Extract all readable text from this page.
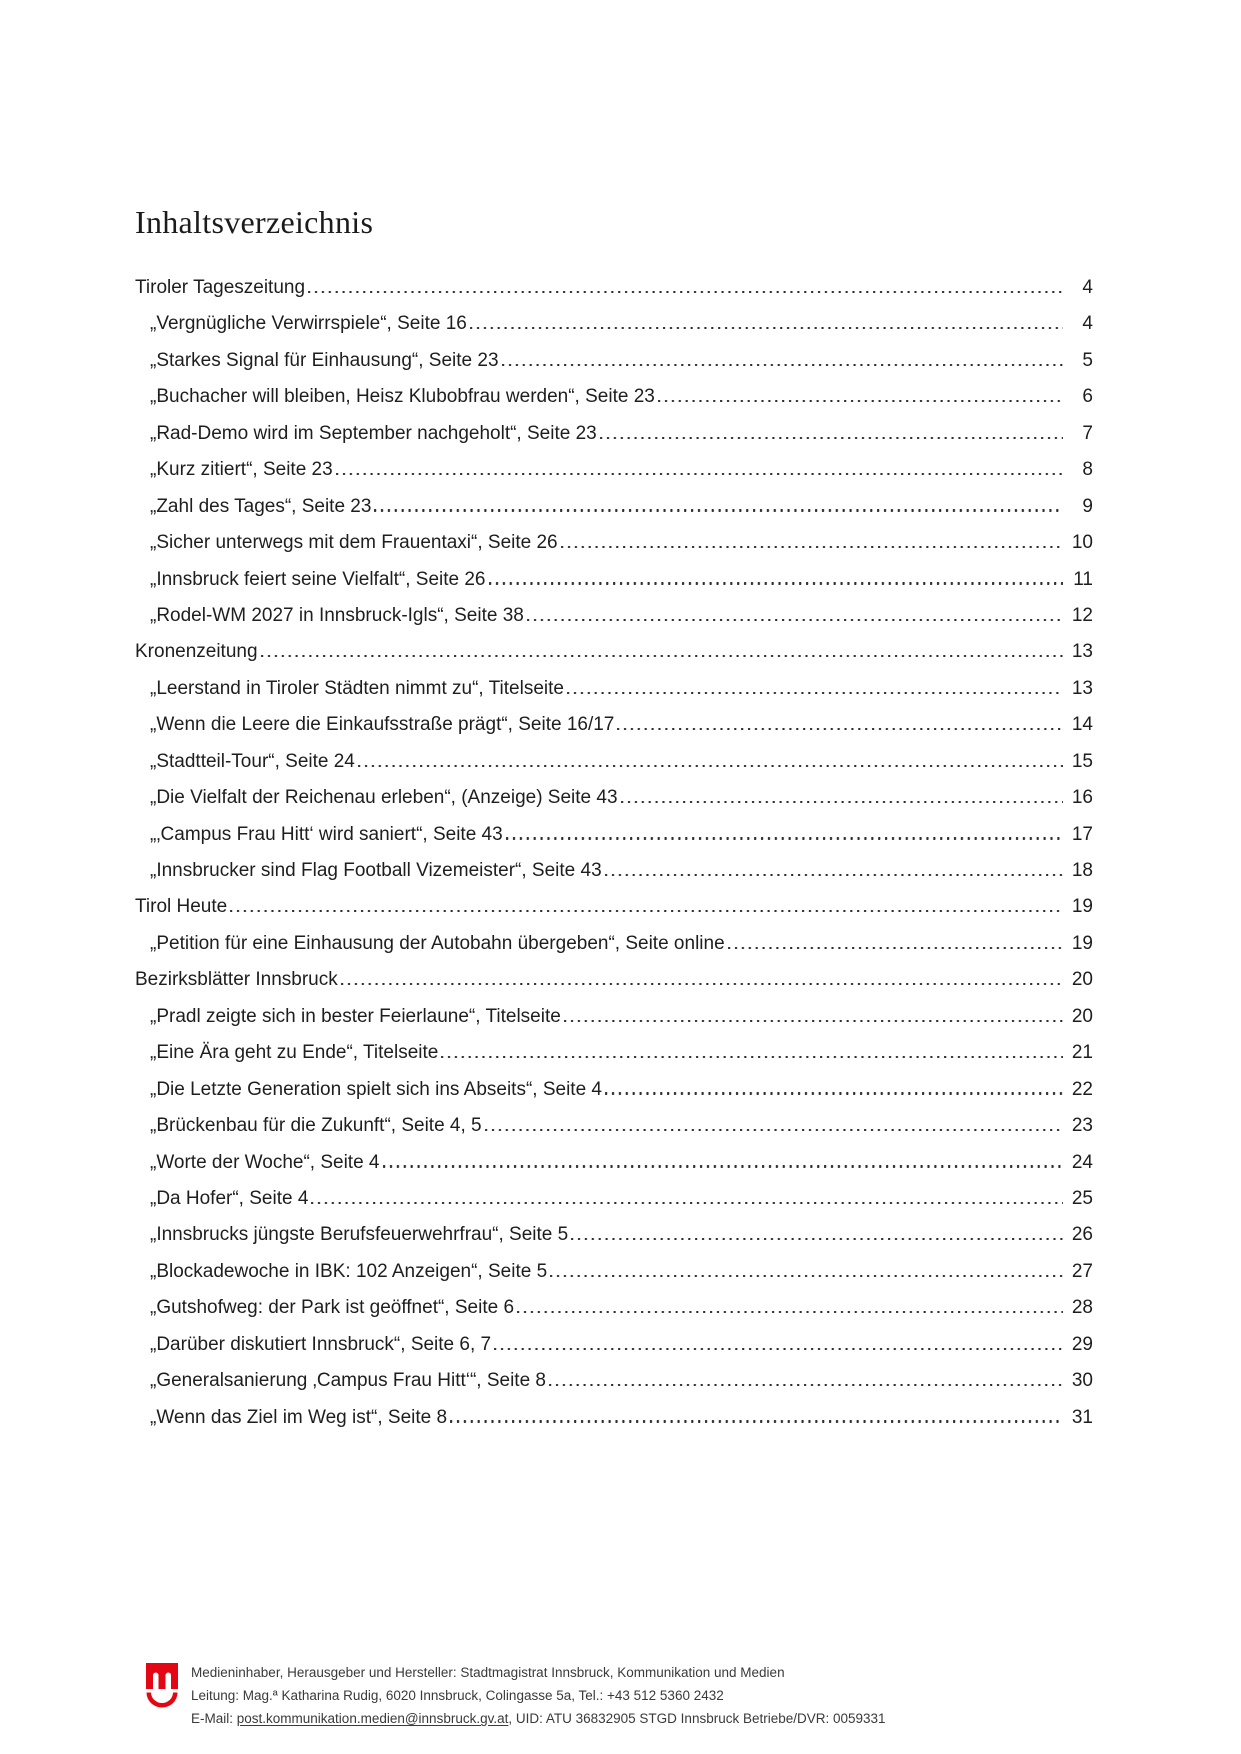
Inhaltsverzeichnis
Tiroler Tageszeitung	4
„Vergnügliche Verwirrspiele“, Seite 16	4
„Starkes Signal für Einhausung“, Seite 23	5
„Buchacher will bleiben, Heisz Klubobfrau werden“, Seite 23	6
„Rad-Demo wird im September nachgeholt“, Seite 23	7
„Kurz zitiert“, Seite 23	8
„Zahl des Tages“, Seite 23	9
„Sicher unterwegs mit dem Frauentaxi“, Seite 26	10
„Innsbruck feiert seine Vielfalt“, Seite 26	11
„Rodel-WM 2027 in Innsbruck-Igls“, Seite 38	12
Kronenzeitung	13
„Leerstand in Tiroler Städten nimmt zu“, Titelseite	13
„Wenn die Leere die Einkaufsstraße prägt“, Seite 16/17	14
„Stadtteil-Tour“, Seite 24	15
„Die Vielfalt der Reichenau erleben“, (Anzeige) Seite 43	16
„‚Campus Frau Hitt‘ wird saniert“, Seite 43	17
„Innsbrucker sind Flag Football Vizemeister“, Seite 43	18
Tirol Heute	19
„Petition für eine Einhausung der Autobahn übergeben“, Seite online	19
Bezirksblätter Innsbruck	20
„Pradl zeigte sich in bester Feierlaune“, Titelseite	20
„Eine Ära geht zu Ende“, Titelseite	21
„Die Letzte Generation spielt sich ins Abseits“, Seite 4	22
„Brückenbau für die Zukunft“, Seite 4, 5	23
„Worte der Woche“, Seite 4	24
„Da Hofer“, Seite 4	25
„Innsbrucks jüngste Berufsfeuerwehrfrau“, Seite 5	26
„Blockadewoche in IBK: 102 Anzeigen“, Seite 5	27
„Gutshofweg: der Park ist geöffnet“, Seite 6	28
„Darüber diskutiert Innsbruck“, Seite 6, 7	29
„Generalsanierung ‚Campus Frau Hitt‘“, Seite 8	30
„Wenn das Ziel im Weg ist“, Seite 8	31
Medieninhaber, Herausgeber und Hersteller: Stadtmagistrat Innsbruck, Kommunikation und Medien
Leitung: Mag.ª Katharina Rudig, 6020 Innsbruck, Colingasse 5a, Tel.: +43 512 5360 2432
E-Mail: post.kommunikation.medien@innsbruck.gv.at, UID: ATU 36832905 STGD Innsbruck Betriebe/DVR: 0059331
